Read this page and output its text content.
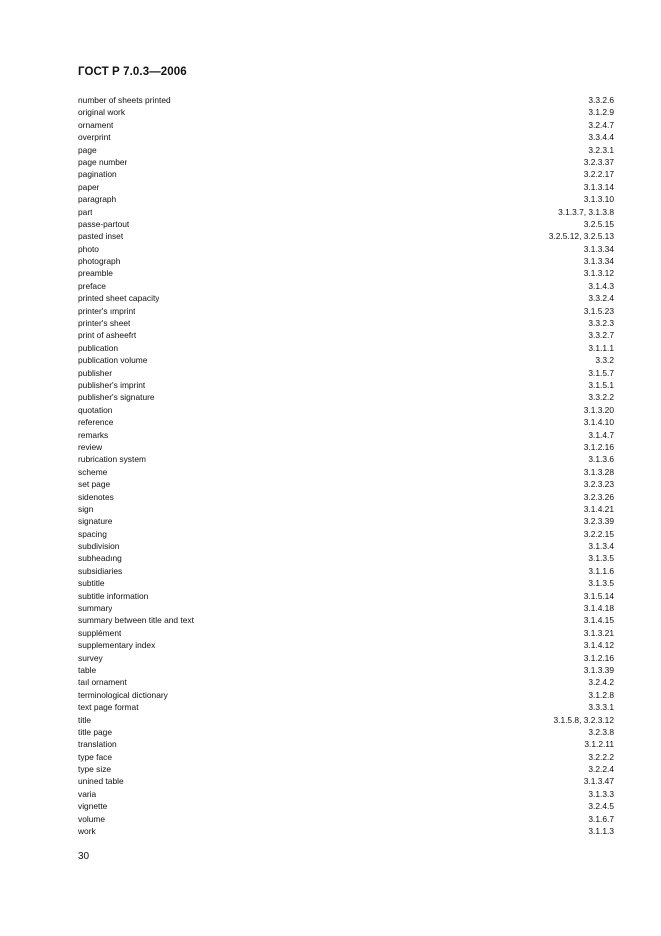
ГОСТ Р 7.0.3—2006
number of sheets printed	3.3.2.6
original work	3.1.2.9
ornament	3.2.4.7
overprint	3.3.4.4
page	3.2.3.1
page number	3.2.3.37
pagination	3.2.2.17
paper	3.1.3.14
paragraph	3.1.3.10
part	3.1.3.7, 3.1.3.8
passe-partout	3.2.5.15
pasted inset	3.2.5.12, 3.2.5.13
photo	3.1.3.34
photograph	3.1.3.34
preamble	3.1.3.12
preface	3.1.4.3
printed sheet capacity	3.3.2.4
printer's ımprint	3.1.5.23
printer's sheet	3.3.2.3
print of asheefrt	3.3.2.7
publication	3.1.1.1
publication volume	3.3.2
publisher	3.1.5.7
publisher's imprint	3.1.5.1
publisher's signature	3.3.2.2
quotation	3.1.3.20
reference	3.1.4.10
remarks	3.1.4.7
review	3.1.2.16
rubrication system	3.1.3.6
scheme	3.1.3.28
set page	3.2.3.23
sidenotes	3.2.3.26
sign	3.1.4.21
signature	3.2.3.39
spacing	3.2.2.15
subdivision	3.1.3.4
subheadıng	3.1.3.5
subsidiaries	3.1.1.6
subtitle	3.1.3.5
subtitle information	3.1.5.14
summary	3.1.4.18
summary between title and text	3.1.4.15
supplément	3.1.3.21
supplementary index	3.1.4.12
survey	3.1.2.16
table	3.1.3.39
taıl ornament	3.2.4.2
terminological dictionary	3.1.2.8
text page format	3.3.3.1
title	3.1.5.8, 3.2.3.12
title page	3.2.3.8
translation	3.1.2.11
type face	3.2.2.2
type size	3.2.2.4
unined table	3.1.3.47
varia	3.1.3.3
vignette	3.2.4.5
volume	3.1.6.7
work	3.1.1.3

30
